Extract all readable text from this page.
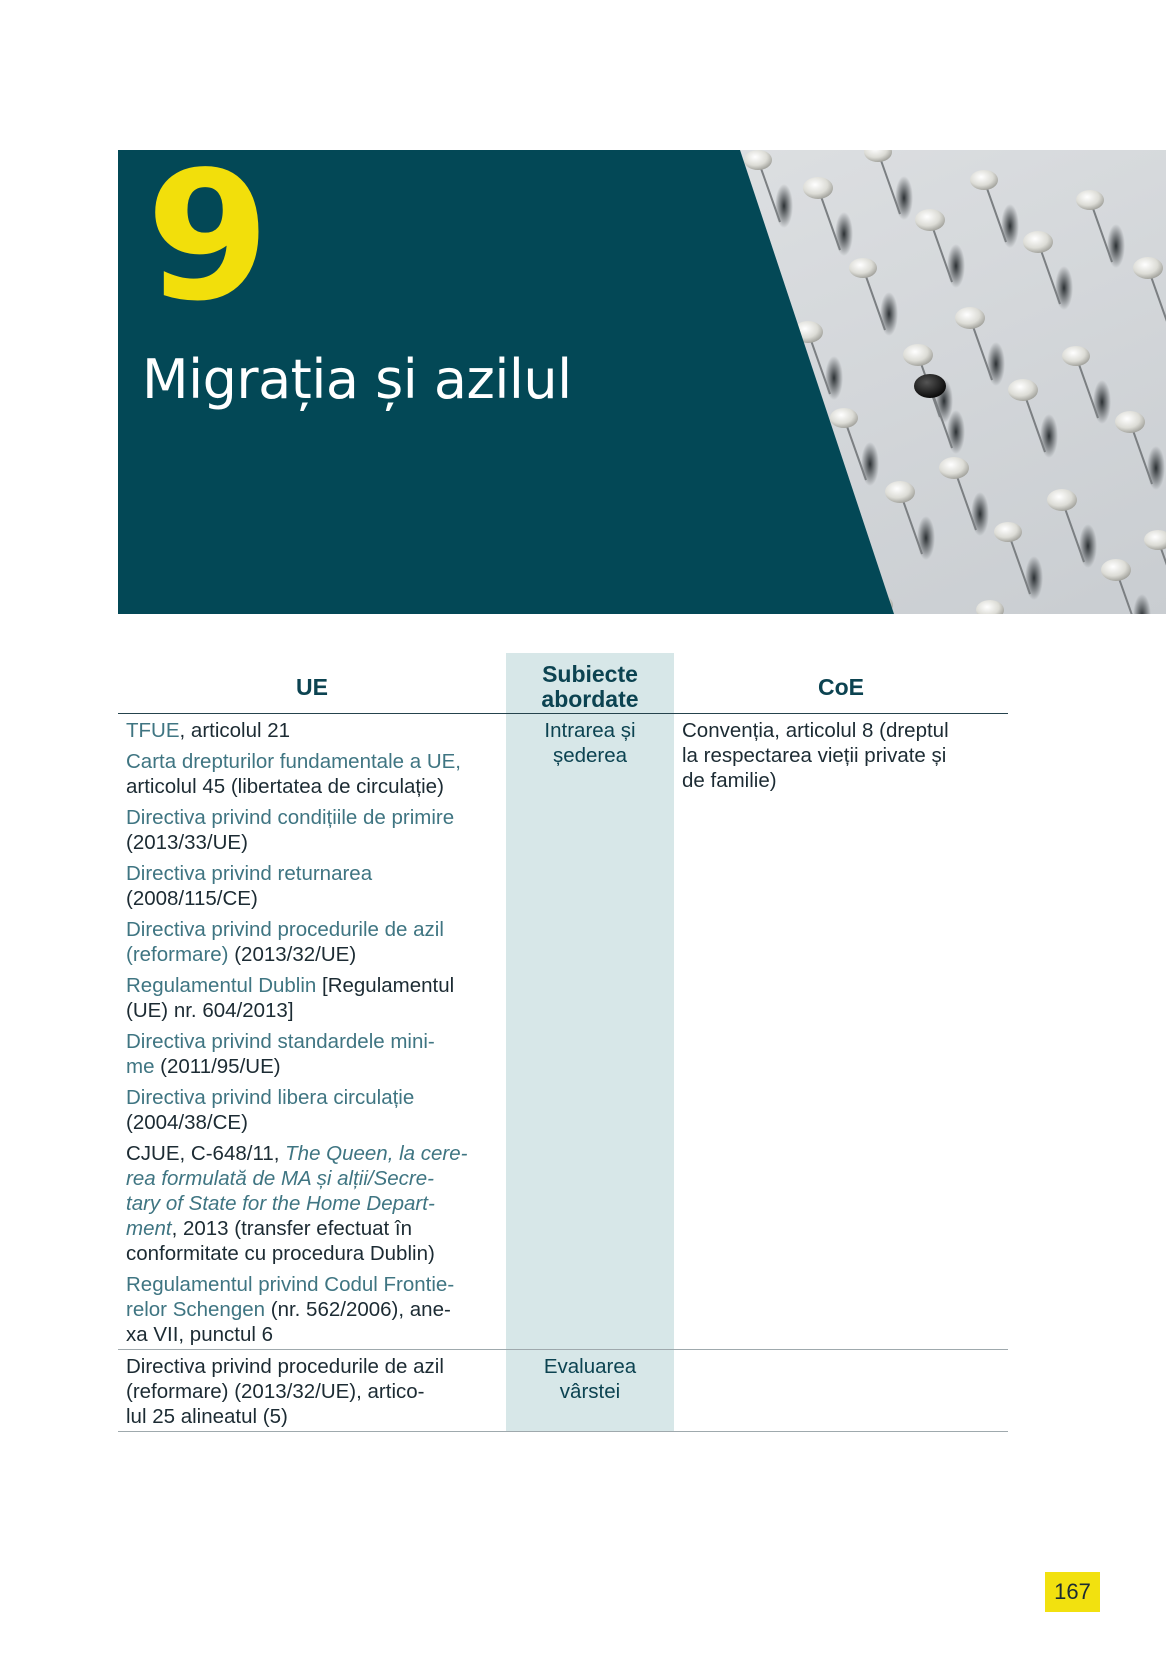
9
Migrația și azilul
UE	Subiecte
abordate	CoE
TFUE, articolul 21
Carta drepturilor fundamentale a UE,
articolul 45 (libertatea de circulație)
Directiva privind condițiile de primire
(2013/33/UE)
Directiva privind returnarea
(2008/115/CE)
Directiva privind procedurile de azil
(reformare) (2013/32/UE)
Regulamentul Dublin [Regulamentul
(UE) nr. 604/2013]
Directiva privind standardele mini-
me (2011/95/UE)
Directiva privind libera circulație
(2004/38/CE)
CJUE, C-648/11, The Queen, la cere-
rea formulată de MA și alții/Secre-
tary of State for the Home Depart-
ment, 2013 (transfer efectuat în
conformitate cu procedura Dublin)
Regulamentul privind Codul Frontie-
relor Schengen (nr. 562/2006), ane-
xa VII, punctul 6
Intrarea și
șederea
Convenția, articolul 8 (dreptul
la respectarea vieții private și
de familie)
Directiva privind procedurile de azil
(reformare) (2013/32/UE), artico-
lul 25 alineatul (5)
Evaluarea
vârstei
167
